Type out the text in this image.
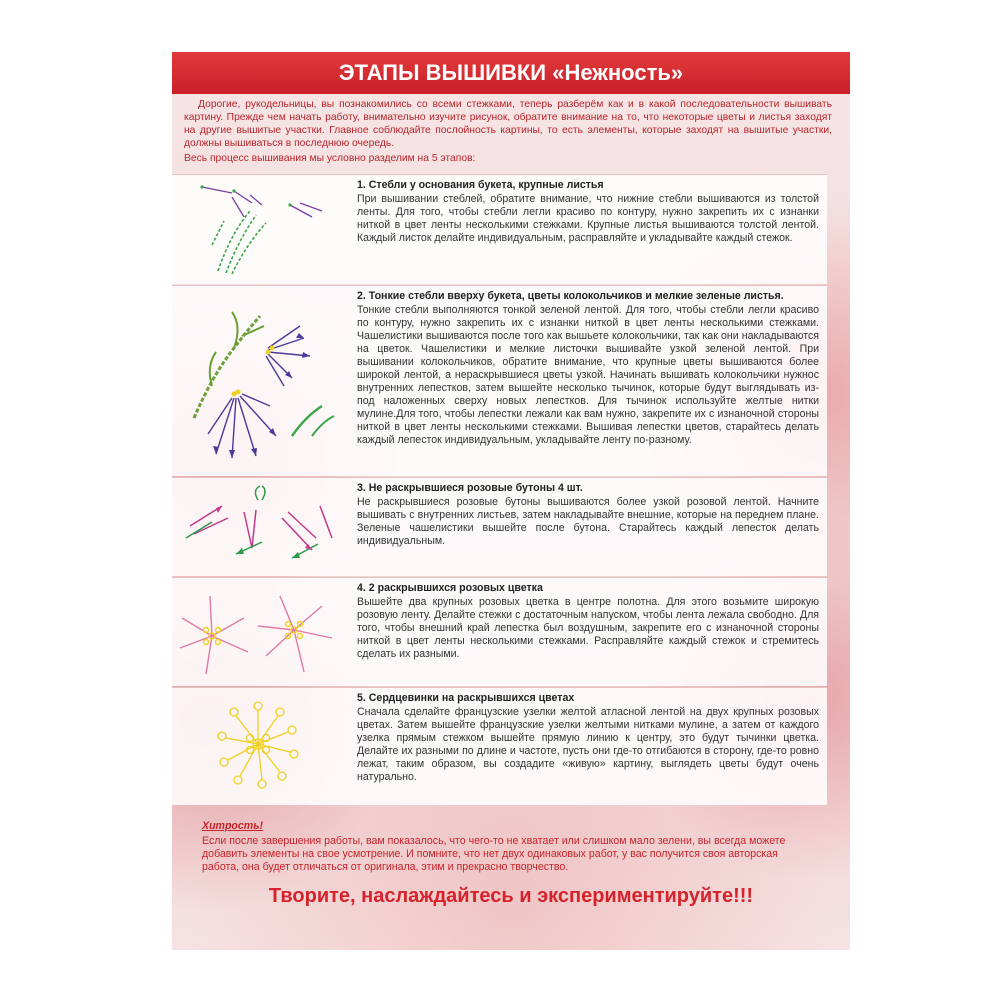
ЭТАПЫ ВЫШИВКИ «Нежность»
Дорогие, рукодельницы, вы познакомились со всеми стежками, теперь разберём как и в какой последовательности вышивать картину. Прежде чем начать работу, внимательно изучите рисунок, обратите внимание на то, что некоторые цветы и листья заходят на другие вышитые участки. Главное соблюдайте послойность картины, то есть элементы, которые заходят на вышитые участки, должны вышиваться в последнюю очередь.
Весь процесс вышивания мы условно разделим на 5 этапов:
1. Стебли у основания букета, крупные листья
При вышивании стеблей, обратите внимание, что нижние стебли вышиваются из толстой ленты. Для того, чтобы стебли легли красиво по контуру, нужно закрепить их с изнанки ниткой в цвет ленты несколькими стежками. Крупные листья вышиваются толстой лентой. Каждый листок делайте индивидуальным, расправляйте и укладывайте каждый стежок.
2. Тонкие стебли вверху букета, цветы колокольчиков и мелкие зеленые листья.
Тонкие стебли выполняются тонкой зеленой лентой. Для того, чтобы стебли легли красиво по контуру, нужно закрепить их с изнанки ниткой в цвет ленты несколькими стежками. Чашелистики вышиваются после того как вышьете колокольчики, так как они накладываются на цветок. Чашелистики и мелкие листочки вышивайте узкой зеленой лентой. При вышивании колокольчиков, обратите внимание, что крупные цветы вышиваются более широкой лентой, а нераскрывшиеся цветы узкой. Начинать вышивать колокольчики нужнос внутренних лепестков, затем вышейте несколько тычинок, которые будут выглядывать из-под наложенных сверху новых лепестков. Для тычинок используйте желтые нитки мулине.Для того, чтобы лепестки лежали как вам нужно, закрепите их с изнаночной стороны ниткой в цвет ленты несколькими стежками. Вышивая лепестки цветов, старайтесь делать каждый лепесток индивидуальным, укладывайте ленту по-разному.
3. Не раскрывшиеся розовые бутоны 4 шт.
Не раскрывшиеся розовые бутоны вышиваются более узкой розовой лентой. Начните вышивать с внутренних листьев, затем накладывайте внешние, которые на переднем плане. Зеленые чашелистики вышейте после бутона. Старайтесь каждый лепесток делать индивидуальным.
4. 2 раскрывшихся розовых цветка
Вышейте два крупных розовых цветка в центре полотна. Для этого возьмите широкую розовую ленту. Делайте стежки с достаточным напуском, чтобы лента лежала свободно. Для того, чтобы внешний край лепестка был воздушным, закрепите его с изнаночной стороны ниткой в цвет ленты несколькими стежками. Расправляйте каждый стежок и стремитесь сделать их разными.
5. Сердцевинки на раскрывшихся цветах
Сначала сделайте французские узелки желтой атласной лентой на двух крупных розовых цветах. Затем вышейте французские узелки желтыми нитками мулине, а затем от каждого узелка прямым стежком вышейте прямую линию к центру, это будут тычинки цветка. Делайте их разными по длине и частоте, пусть они где-то отгибаются в сторону, где-то ровно лежат, таким образом, вы создадите «живую» картину, выглядеть цветы будут очень натурально.
Хитрость!
Если после завершения работы, вам показалось, что чего-то не хватает или слишком мало зелени, вы всегда можете добавить элементы на свое усмотрение. И помните, что нет двух одинаковых работ, у вас получится своя авторская работа, она будет отличаться от оригинала, этим и прекрасно творчество.
Творите, наслаждайтесь и экспериментируйте!!!
